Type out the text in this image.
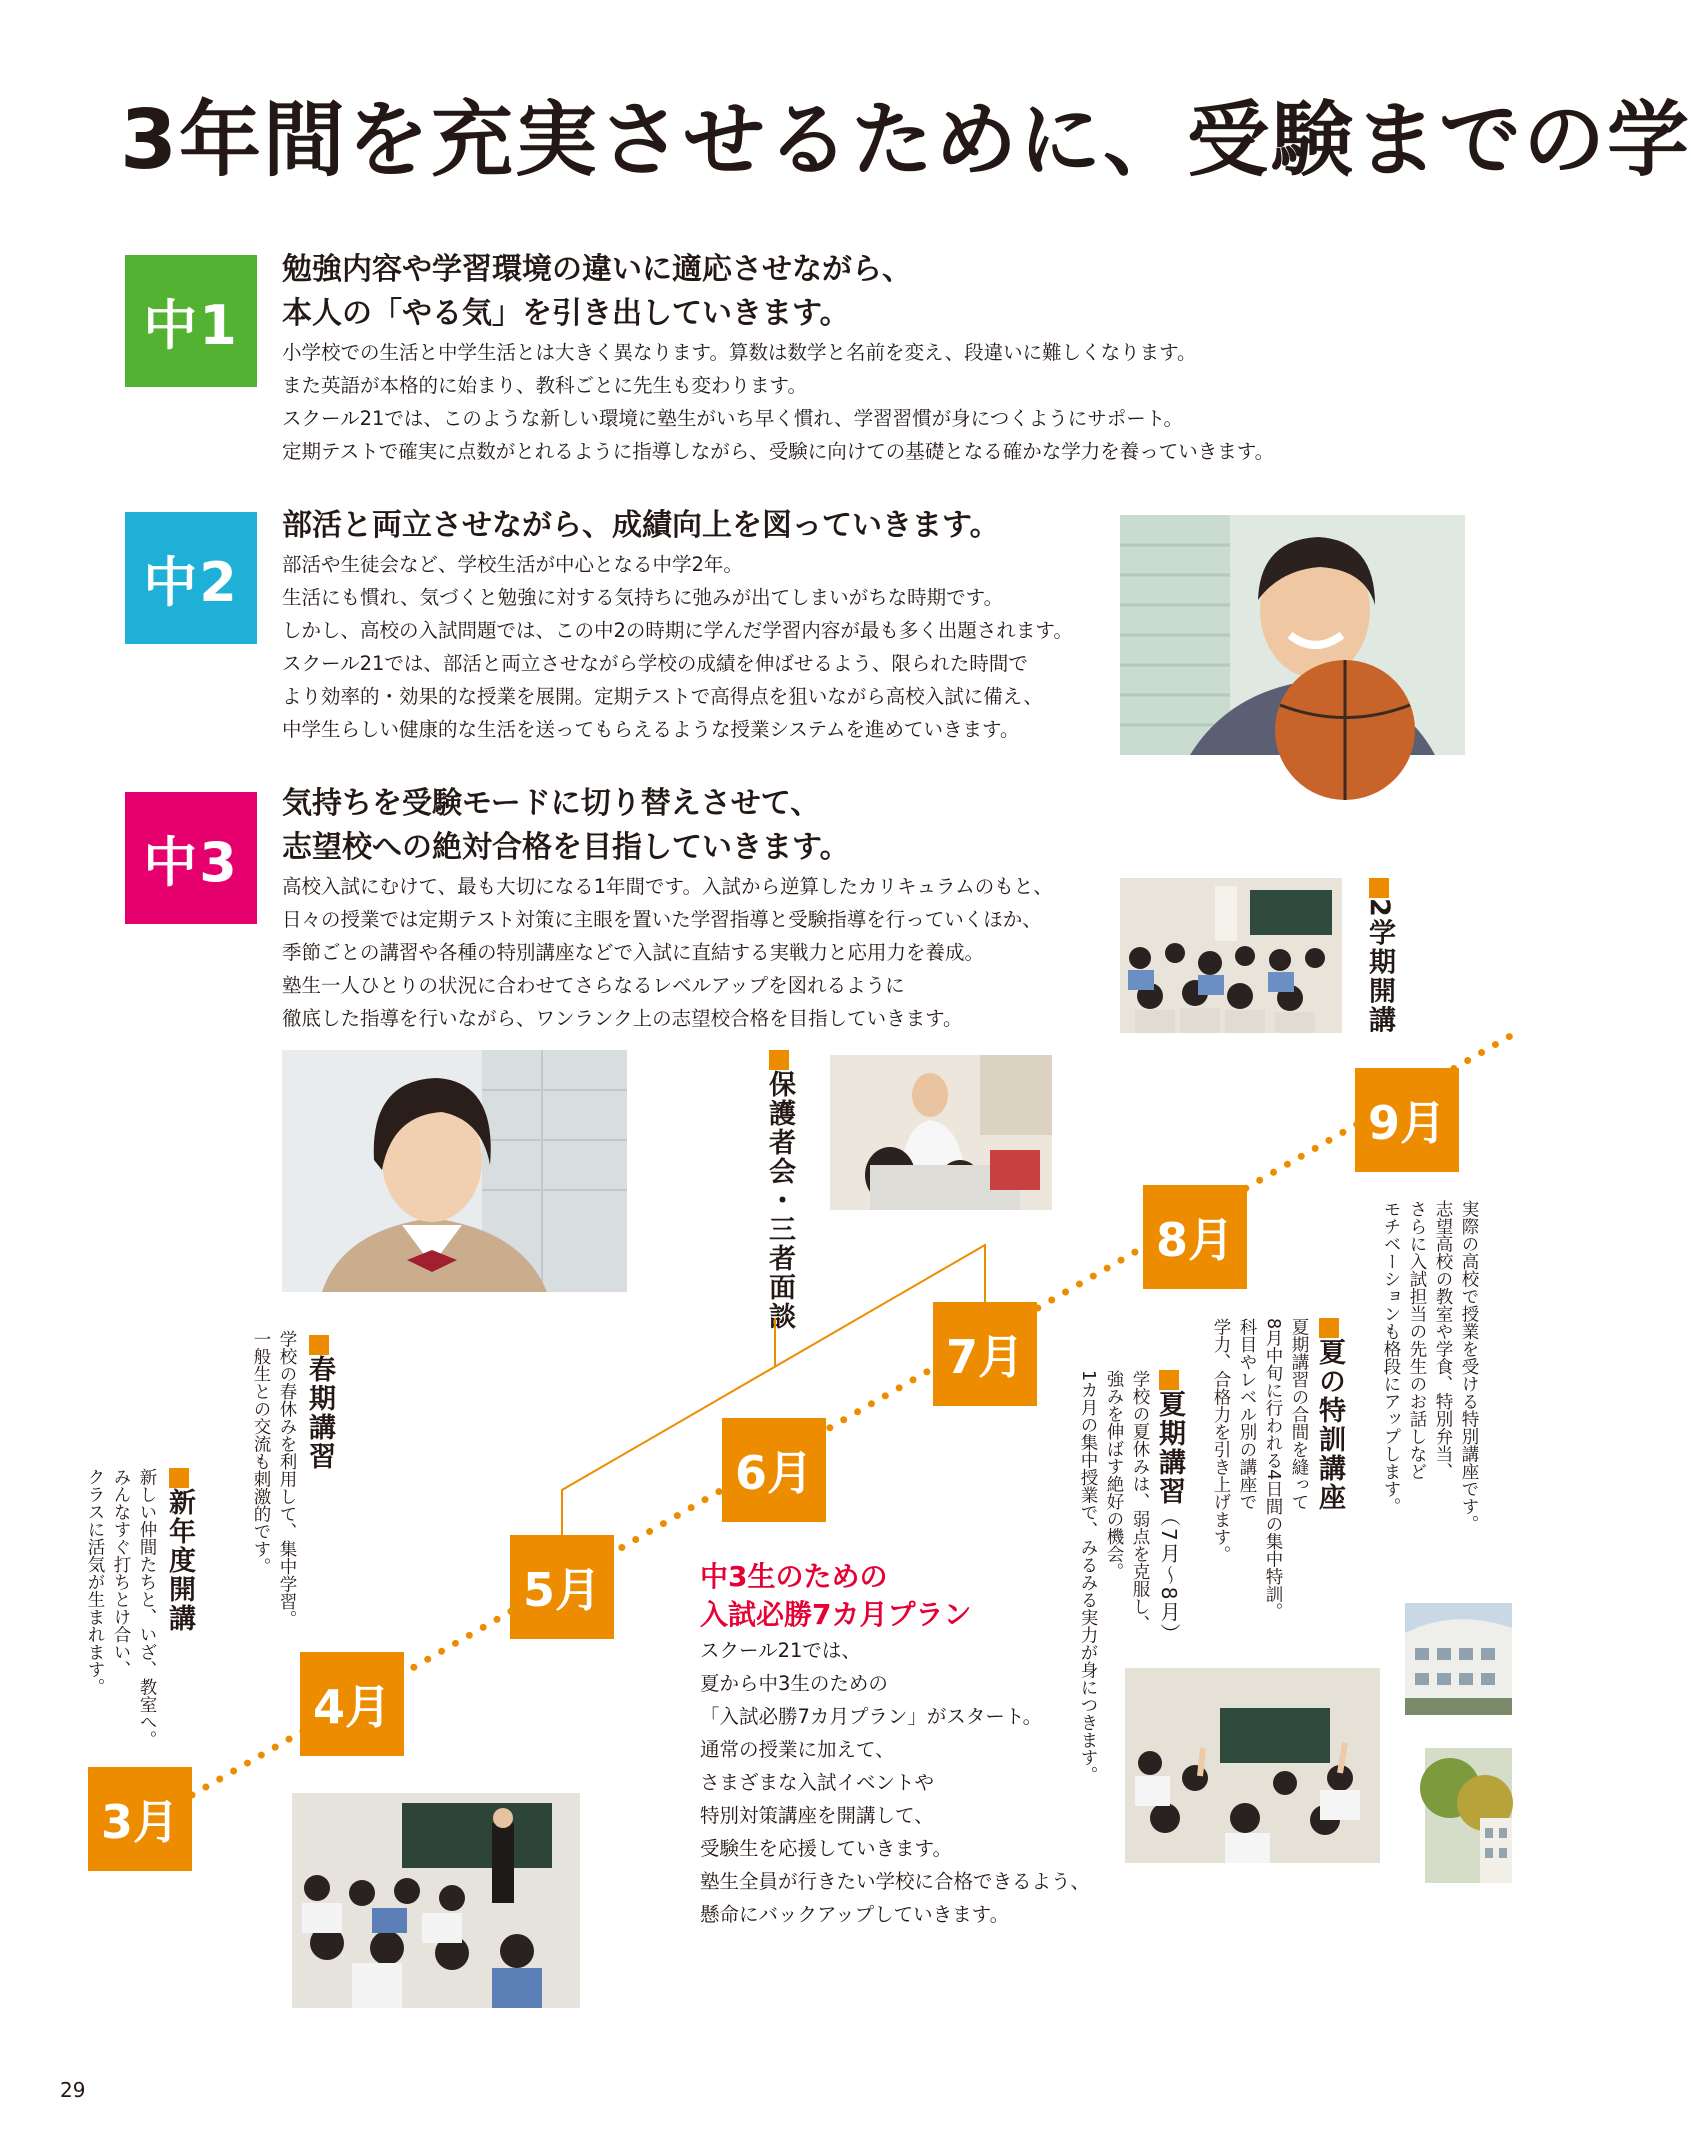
3年間を充実させるために、受験までの学
中1
勉強内容や学習環境の違いに適応させながら、
本人の「やる気」を引き出していきます。
小学校での生活と中学生活とは大きく異なります。算数は数学と名前を変え、段違いに難しくなります。
また英語が本格的に始まり、教科ごとに先生も変わります。
スクール21では、このような新しい環境に塾生がいち早く慣れ、学習習慣が身につくようにサポート。
定期テストで確実に点数がとれるように指導しながら、受験に向けての基礎となる確かな学力を養っていきます。
中2
部活と両立させながら、成績向上を図っていきます。
部活や生徒会など、学校生活が中心となる中学2年。
生活にも慣れ、気づくと勉強に対する気持ちに弛みが出てしまいがちな時期です。
しかし、高校の入試問題では、この中2の時期に学んだ学習内容が最も多く出題されます。
スクール21では、部活と両立させながら学校の成績を伸ばせるよう、限られた時間で
より効率的・効果的な授業を展開。定期テストで高得点を狙いながら高校入試に備え、
中学生らしい健康的な生活を送ってもらえるような授業システムを進めていきます。
中3
気持ちを受験モードに切り替えさせて、
志望校への絶対合格を目指していきます。
高校入試にむけて、最も大切になる1年間です。入試から逆算したカリキュラムのもと、
日々の授業では定期テスト対策に主眼を置いた学習指導と受験指導を行っていくほか、
季節ごとの講習や各種の特別講座などで入試に直結する実戦力と応用力を養成。
塾生一人ひとりの状況に合わせてさらなるレベルアップを図れるように
徹底した指導を行いながら、ワンランク上の志望校合格を目指していきます。	2学期開講
保護者会・三者面談	実際の高校で授業を受ける特別講座です。
志望高校の教室や学食、特別弁当、
さらに入試担当の先生のお話しなど
モチベーションも格段にアップします。
3月
4月
5月
6月
7月
8月
9月
新年度開講
新しい仲間たちと、いざ、教室へ。
みんなすぐ打ちとけ合い、
クラスに活気が生まれます。
春期講習
学校の春休みを利用して、集中学習。
一般生との交流も刺激的です。	夏期講習（7月〜8月）
学校の夏休みは、弱点を克服し、
強みを伸ばす絶好の機会。
1カ月の集中授業で、みるみる実力が身につきます。	夏の特訓講座
夏期講習の合間を縫って
8月中旬に行われる4日間の集中特訓。
科目やレベル別の講座で
学力、合格力を引き上げます。
中3生のための
入試必勝7カ月プラン
スクール21では、
夏から中3生のための
「入試必勝7カ月プラン」がスタート。
通常の授業に加えて、
さまざまな入試イベントや
特別対策講座を開講して、
受験生を応援していきます。
塾生全員が行きたい学校に合格できるよう、
懸命にバックアップしていきます。
29
